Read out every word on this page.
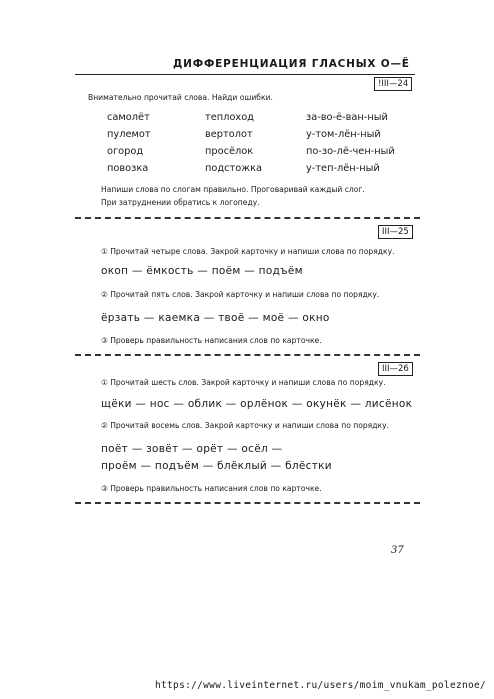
ДИФФЕРЕНЦИАЦИЯ ГЛАСНЫХ О—Ё
!III—24
Внимательно прочитай слова. Найди ошибки.
самолёт
пулемот
огород
повозка
теплоход
вертолот
просёлок
подстожка
за-во-ё-ван-ный
у-том-лён-ный
по-зо-лё-чен-ный
у-теп-лён-ный
Напиши слова по слогам правильно. Проговаривай каждый слог.
При затруднении обратись к логопеду.
III—25
① Прочитай четыре слова. Закрой карточку и напиши слова по порядку.
окоп — ёмкость — поём — подъём
② Прочитай пять слов. Закрой карточку и напиши слова по порядку.
ёрзать — каемка — твоё — моё — окно
③ Проверь правильность написания слов по карточке.
III—26
① Прочитай шесть слов. Закрой карточку и напиши слова по порядку.
щёки — нос — облик — орлёнок — окунёк — лисёнок
② Прочитай восемь слов. Закрой карточку и напиши слова по порядку.
поёт — зовёт — орёт — осёл —
проём — подъём — блёклый — блёстки
③ Проверь правильность написания слов по карточке.
37
https://www.liveinternet.ru/users/moim_vnukam_poleznoe/
